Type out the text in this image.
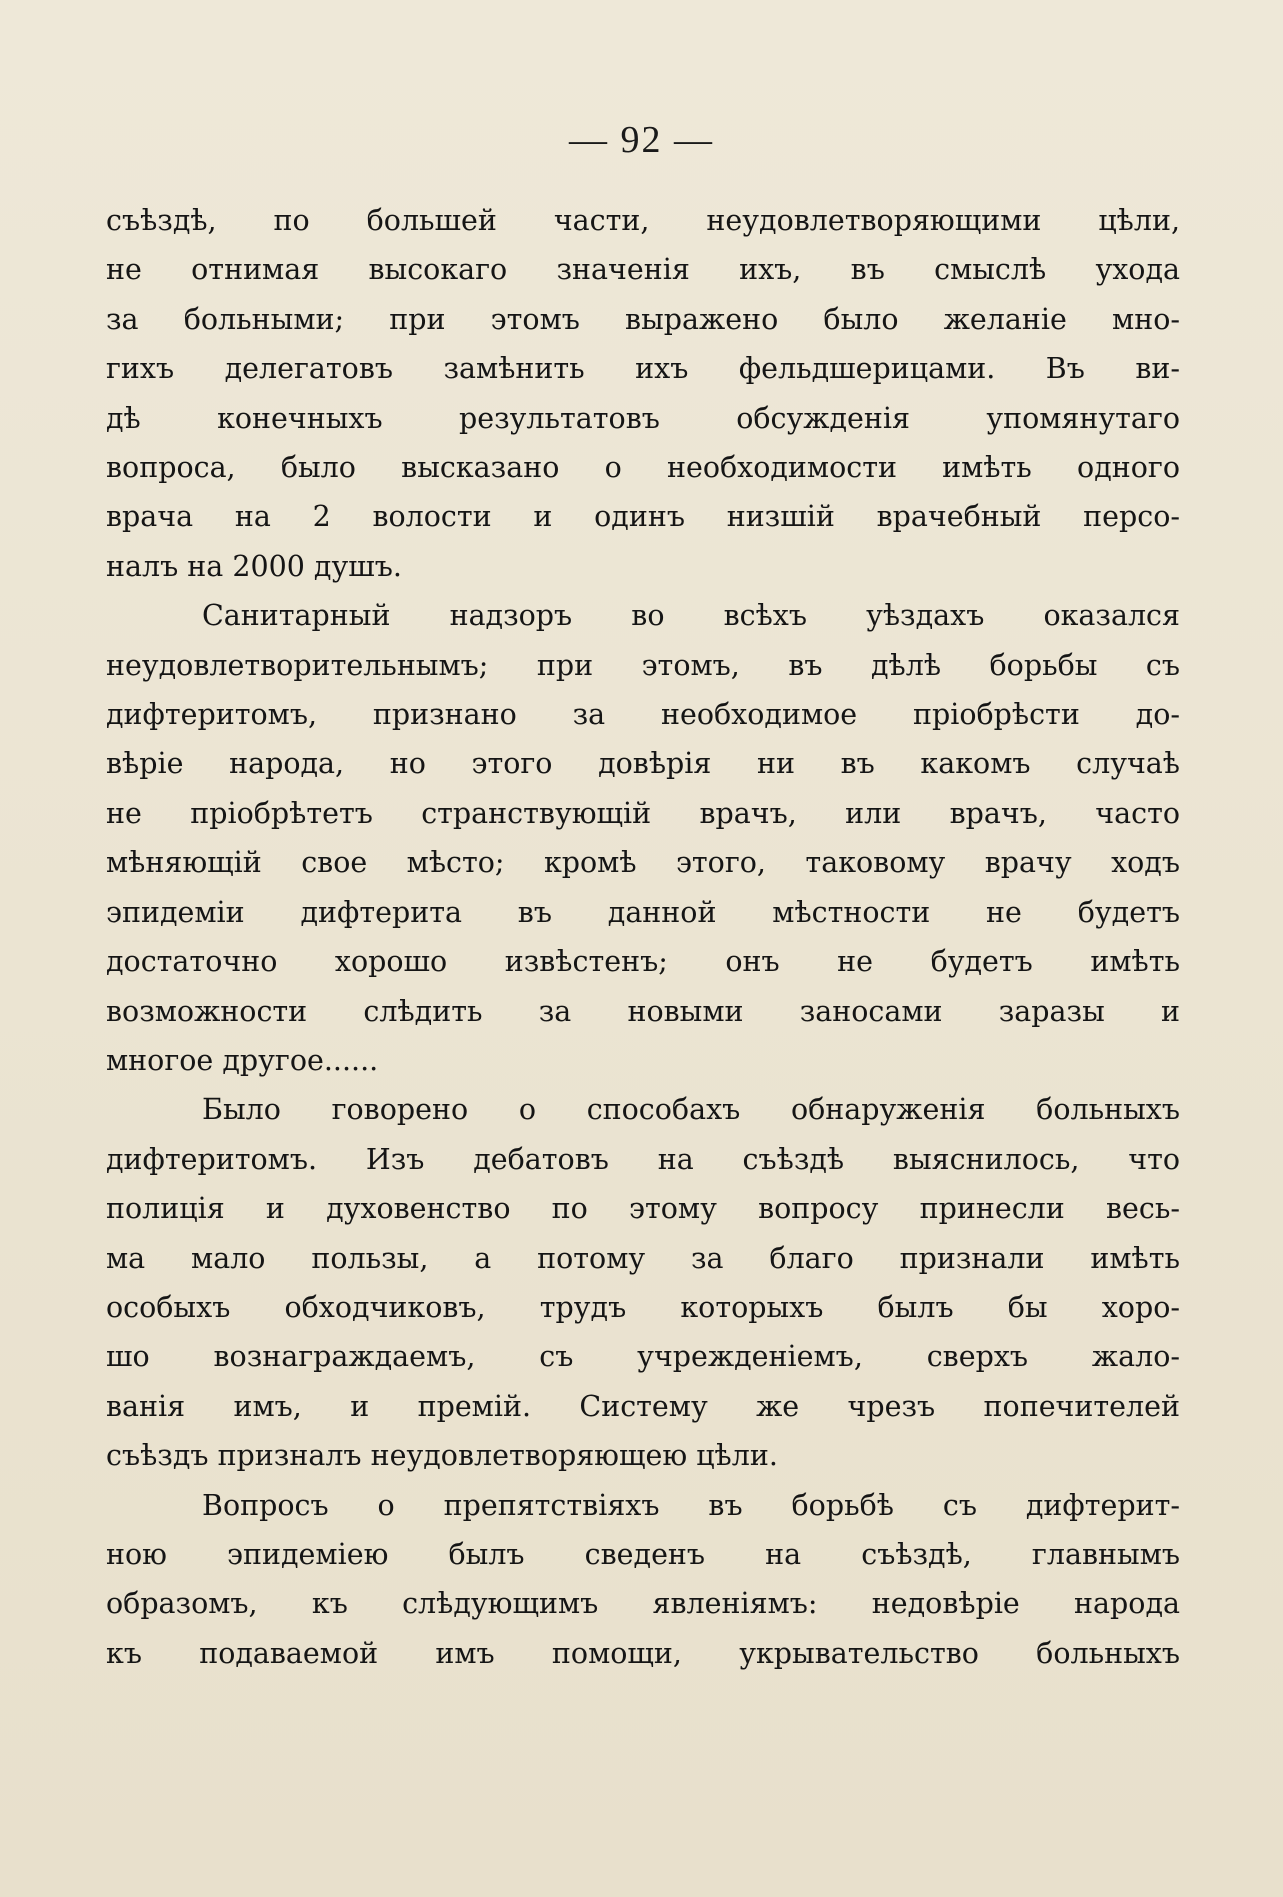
— 92 —

съѣздѣ, по большей части, неудовлетворяющими цѣли,
не отнимая высокаго значенія ихъ, въ смыслѣ ухода
за больными; при этомъ выражено было желаніе мно-
гихъ делегатовъ замѣнить ихъ фельдшерицами. Въ ви-
дѣ конечныхъ результатовъ обсужденія упомянутаго
вопроса, было высказано о необходимости имѣть одного
врача на 2 волости и одинъ низшій врачебный персо-
налъ на 2000 душъ.

Санитарный надзоръ во всѣхъ уѣздахъ оказался
неудовлетворительнымъ; при этомъ, въ дѣлѣ борьбы съ
дифтеритомъ, признано за необходимое пріобрѣсти до-
вѣріе народа, но этого довѣрія ни въ какомъ случаѣ
не пріобрѣтетъ странствующій врачъ, или врачъ, часто
мѣняющій свое мѣсто; кромѣ этого, таковому врачу ходъ
эпидеміи дифтерита въ данной мѣстности не будетъ
достаточно хорошо извѣстенъ; онъ не будетъ имѣть
возможности слѣдить за новыми заносами заразы и
многое другое......

Было говорено о способахъ обнаруженія больныхъ
дифтеритомъ. Изъ дебатовъ на съѣздѣ выяснилось, что
полиція и духовенство по этому вопросу принесли весь-
ма мало пользы, а потому за благо признали имѣть
особыхъ обходчиковъ, трудъ которыхъ былъ бы хоро-
шо вознаграждаемъ, съ учрежденіемъ, сверхъ жало-
ванія имъ, и премій. Систему же чрезъ попечителей
съѣздъ призналъ неудовлетворяющею цѣли.

Вопросъ о препятствіяхъ въ борьбѣ съ дифтерит-
ною эпидеміею былъ сведенъ на съѣздѣ, главнымъ
образомъ, къ слѣдующимъ явленіямъ: недовѣріе народа
къ подаваемой имъ помощи, укрывательство больныхъ
